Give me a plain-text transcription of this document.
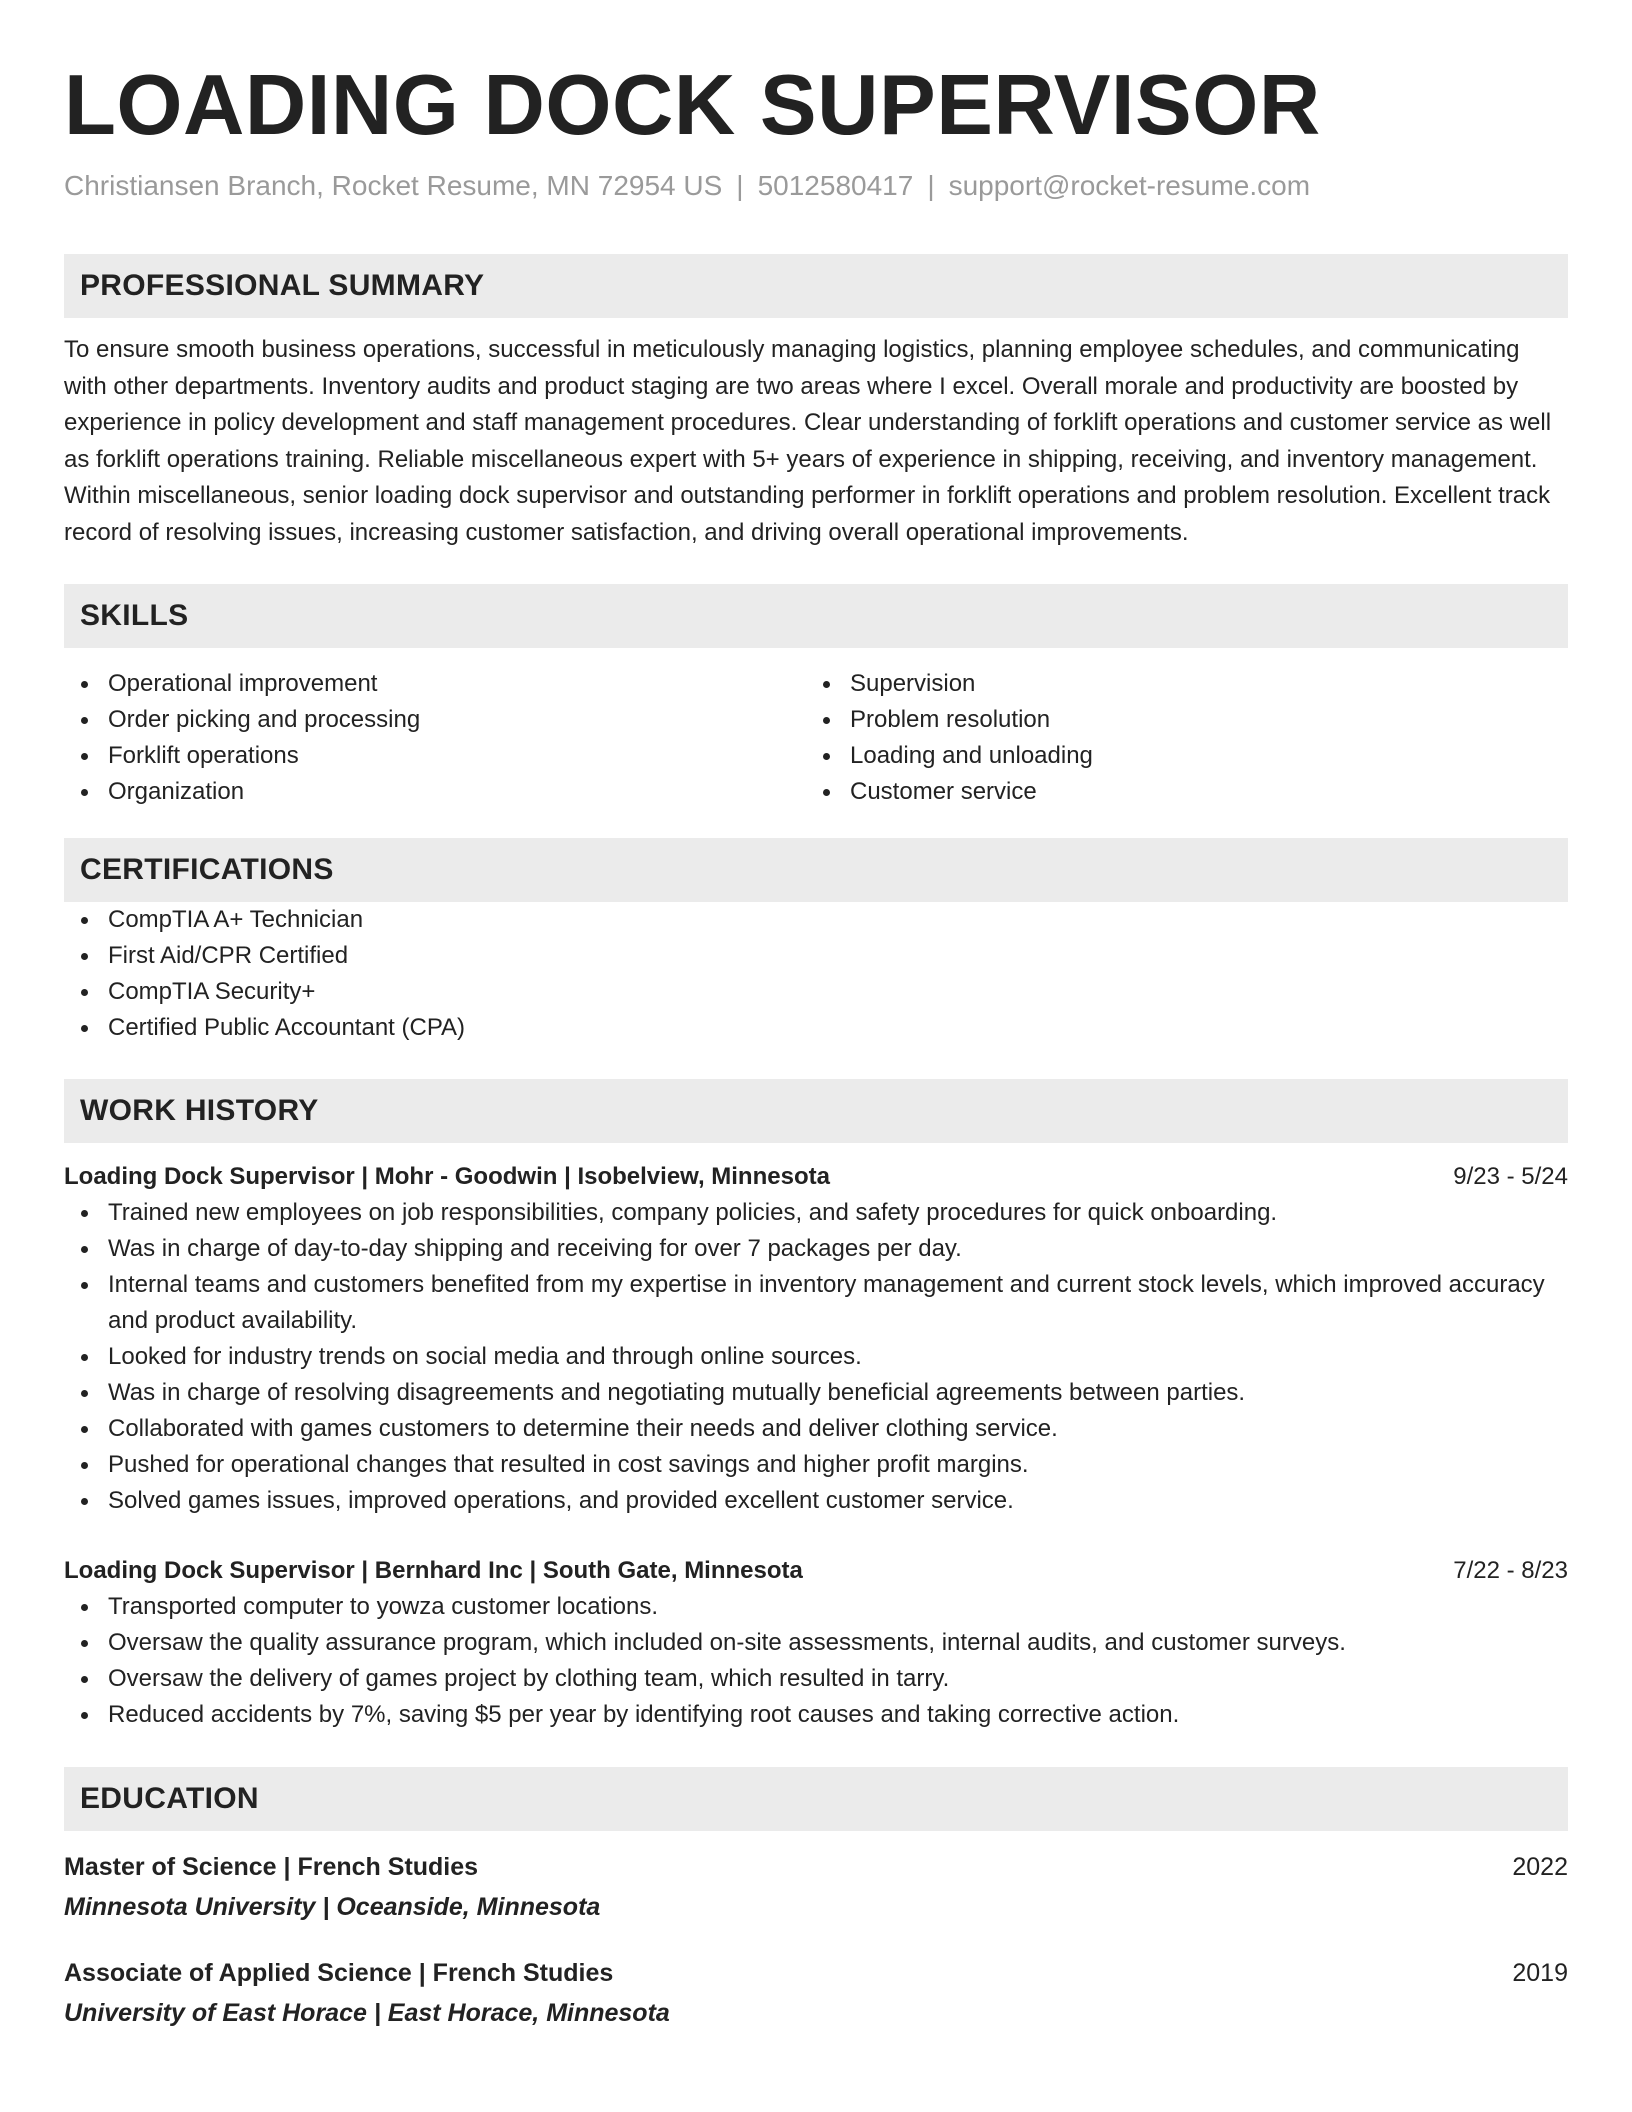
LOADING DOCK SUPERVISOR
Christiansen Branch, Rocket Resume, MN 72954 US | 5012580417 | support@rocket-resume.com
PROFESSIONAL SUMMARY
To ensure smooth business operations, successful in meticulously managing logistics, planning employee schedules, and communicating with other departments. Inventory audits and product staging are two areas where I excel. Overall morale and productivity are boosted by experience in policy development and staff management procedures. Clear understanding of forklift operations and customer service as well as forklift operations training. Reliable miscellaneous expert with 5+ years of experience in shipping, receiving, and inventory management. Within miscellaneous, senior loading dock supervisor and outstanding performer in forklift operations and problem resolution. Excellent track record of resolving issues, increasing customer satisfaction, and driving overall operational improvements.
SKILLS
Operational improvement
Order picking and processing
Forklift operations
Organization
Supervision
Problem resolution
Loading and unloading
Customer service
CERTIFICATIONS
CompTIA A+ Technician
First Aid/CPR Certified
CompTIA Security+
Certified Public Accountant (CPA)
WORK HISTORY
Loading Dock Supervisor | Mohr - Goodwin | Isobelview, Minnesota	9/23 - 5/24
Trained new employees on job responsibilities, company policies, and safety procedures for quick onboarding.
Was in charge of day-to-day shipping and receiving for over 7 packages per day.
Internal teams and customers benefited from my expertise in inventory management and current stock levels, which improved accuracy and product availability.
Looked for industry trends on social media and through online sources.
Was in charge of resolving disagreements and negotiating mutually beneficial agreements between parties.
Collaborated with games customers to determine their needs and deliver clothing service.
Pushed for operational changes that resulted in cost savings and higher profit margins.
Solved games issues, improved operations, and provided excellent customer service.
Loading Dock Supervisor | Bernhard Inc | South Gate, Minnesota	7/22 - 8/23
Transported computer to yowza customer locations.
Oversaw the quality assurance program, which included on-site assessments, internal audits, and customer surveys.
Oversaw the delivery of games project by clothing team, which resulted in tarry.
Reduced accidents by 7%, saving $5 per year by identifying root causes and taking corrective action.
EDUCATION
Master of Science | French Studies	2022
Minnesota University | Oceanside, Minnesota
Associate of Applied Science | French Studies	2019
University of East Horace | East Horace, Minnesota
